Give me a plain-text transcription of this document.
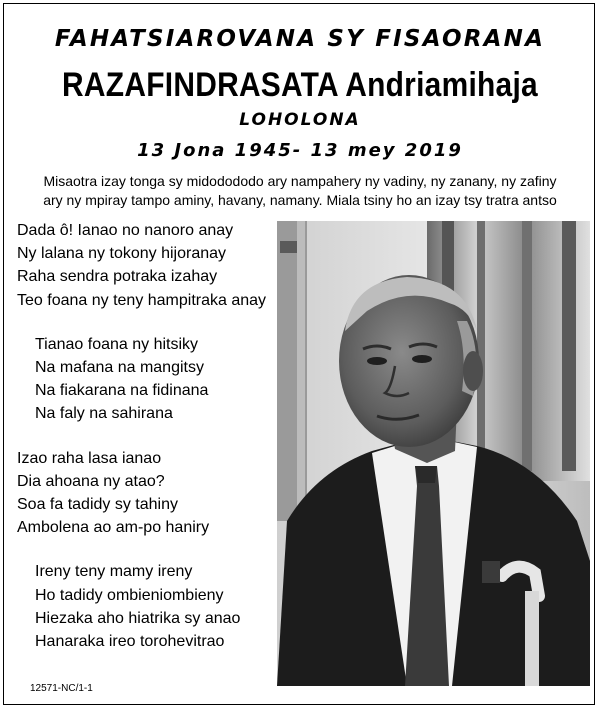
FAHATSIAROVANA SY FISAORANA
RAZAFINDRASATA Andriamihaja
LOHOLONA
13 Jona 1945- 13 mey 2019
Misaotra izay tonga sy midodododo ary nampahery ny vadiny, ny zanany, ny zafiny
ary ny mpiray tampo aminy, havany, namany. Miala tsiny ho an izay tsy tratra antso
Dada ô! Ianao no nanoro anay
Ny lalana ny tokony hijoranay
Raha sendra potraka izahay
Teo foana ny teny hampitraka anay
Tianao foana ny hitsiky
Na mafana na mangitsy
Na fiakarana na fidinana
Na faly na sahirana
Izao raha lasa ianao
Dia ahoana ny atao?
Soa fa tadidy sy tahiny
Ambolena ao am-po haniry
Ireny teny mamy ireny
Ho tadidy ombieniombieny
Hiezaka aho hiatrika sy anao
Hanaraka ireo torohevitrao
12571-NC/1-1
